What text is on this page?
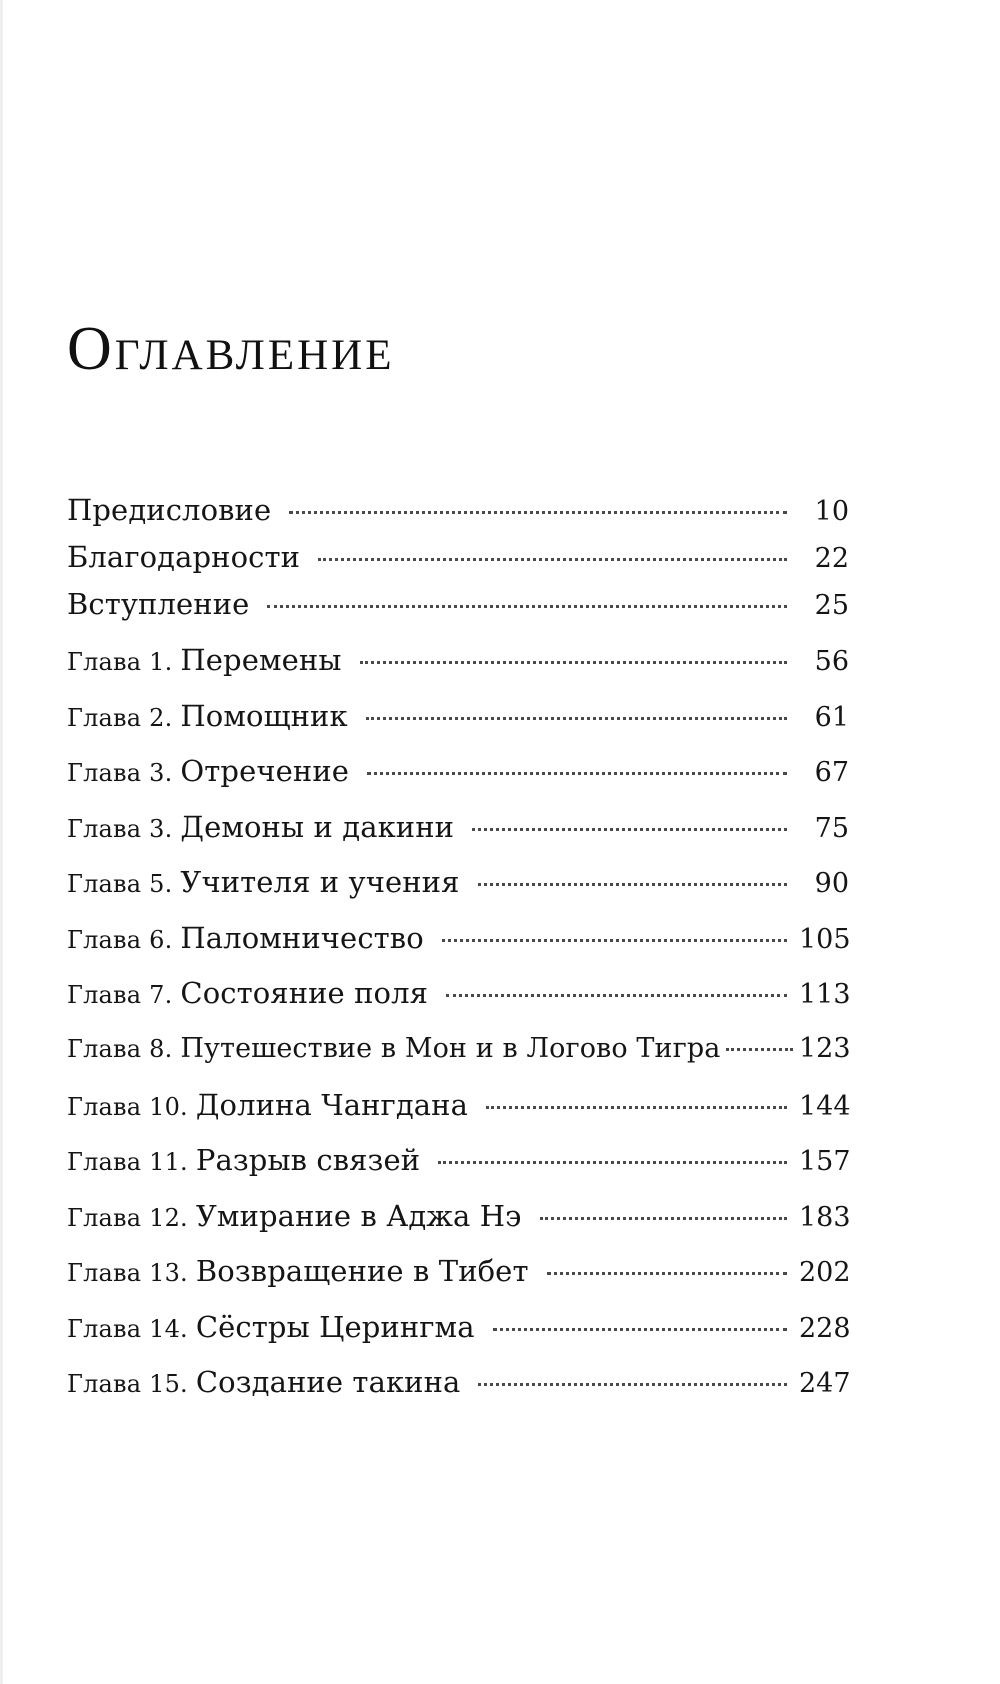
Оглавление
Предисловие	10
Благодарности	22
Вступление	25
Глава 1. Перемены	56
Глава 2. Помощник	61
Глава 3. Отречение	67
Глава 3. Демоны и дакини	75
Глава 5. Учителя и учения	90
Глава 6. Паломничество	105
Глава 7. Состояние поля	113
Глава 8. Путешествие в Мон и в Логово Тигра	123
Глава 10. Долина Чангдана	144
Глава 11. Разрыв связей	157
Глава 12. Умирание в Аджа Нэ	183
Глава 13. Возвращение в Тибет	202
Глава 14. Сёстры Церингма	228
Глава 15. Создание такина	247
